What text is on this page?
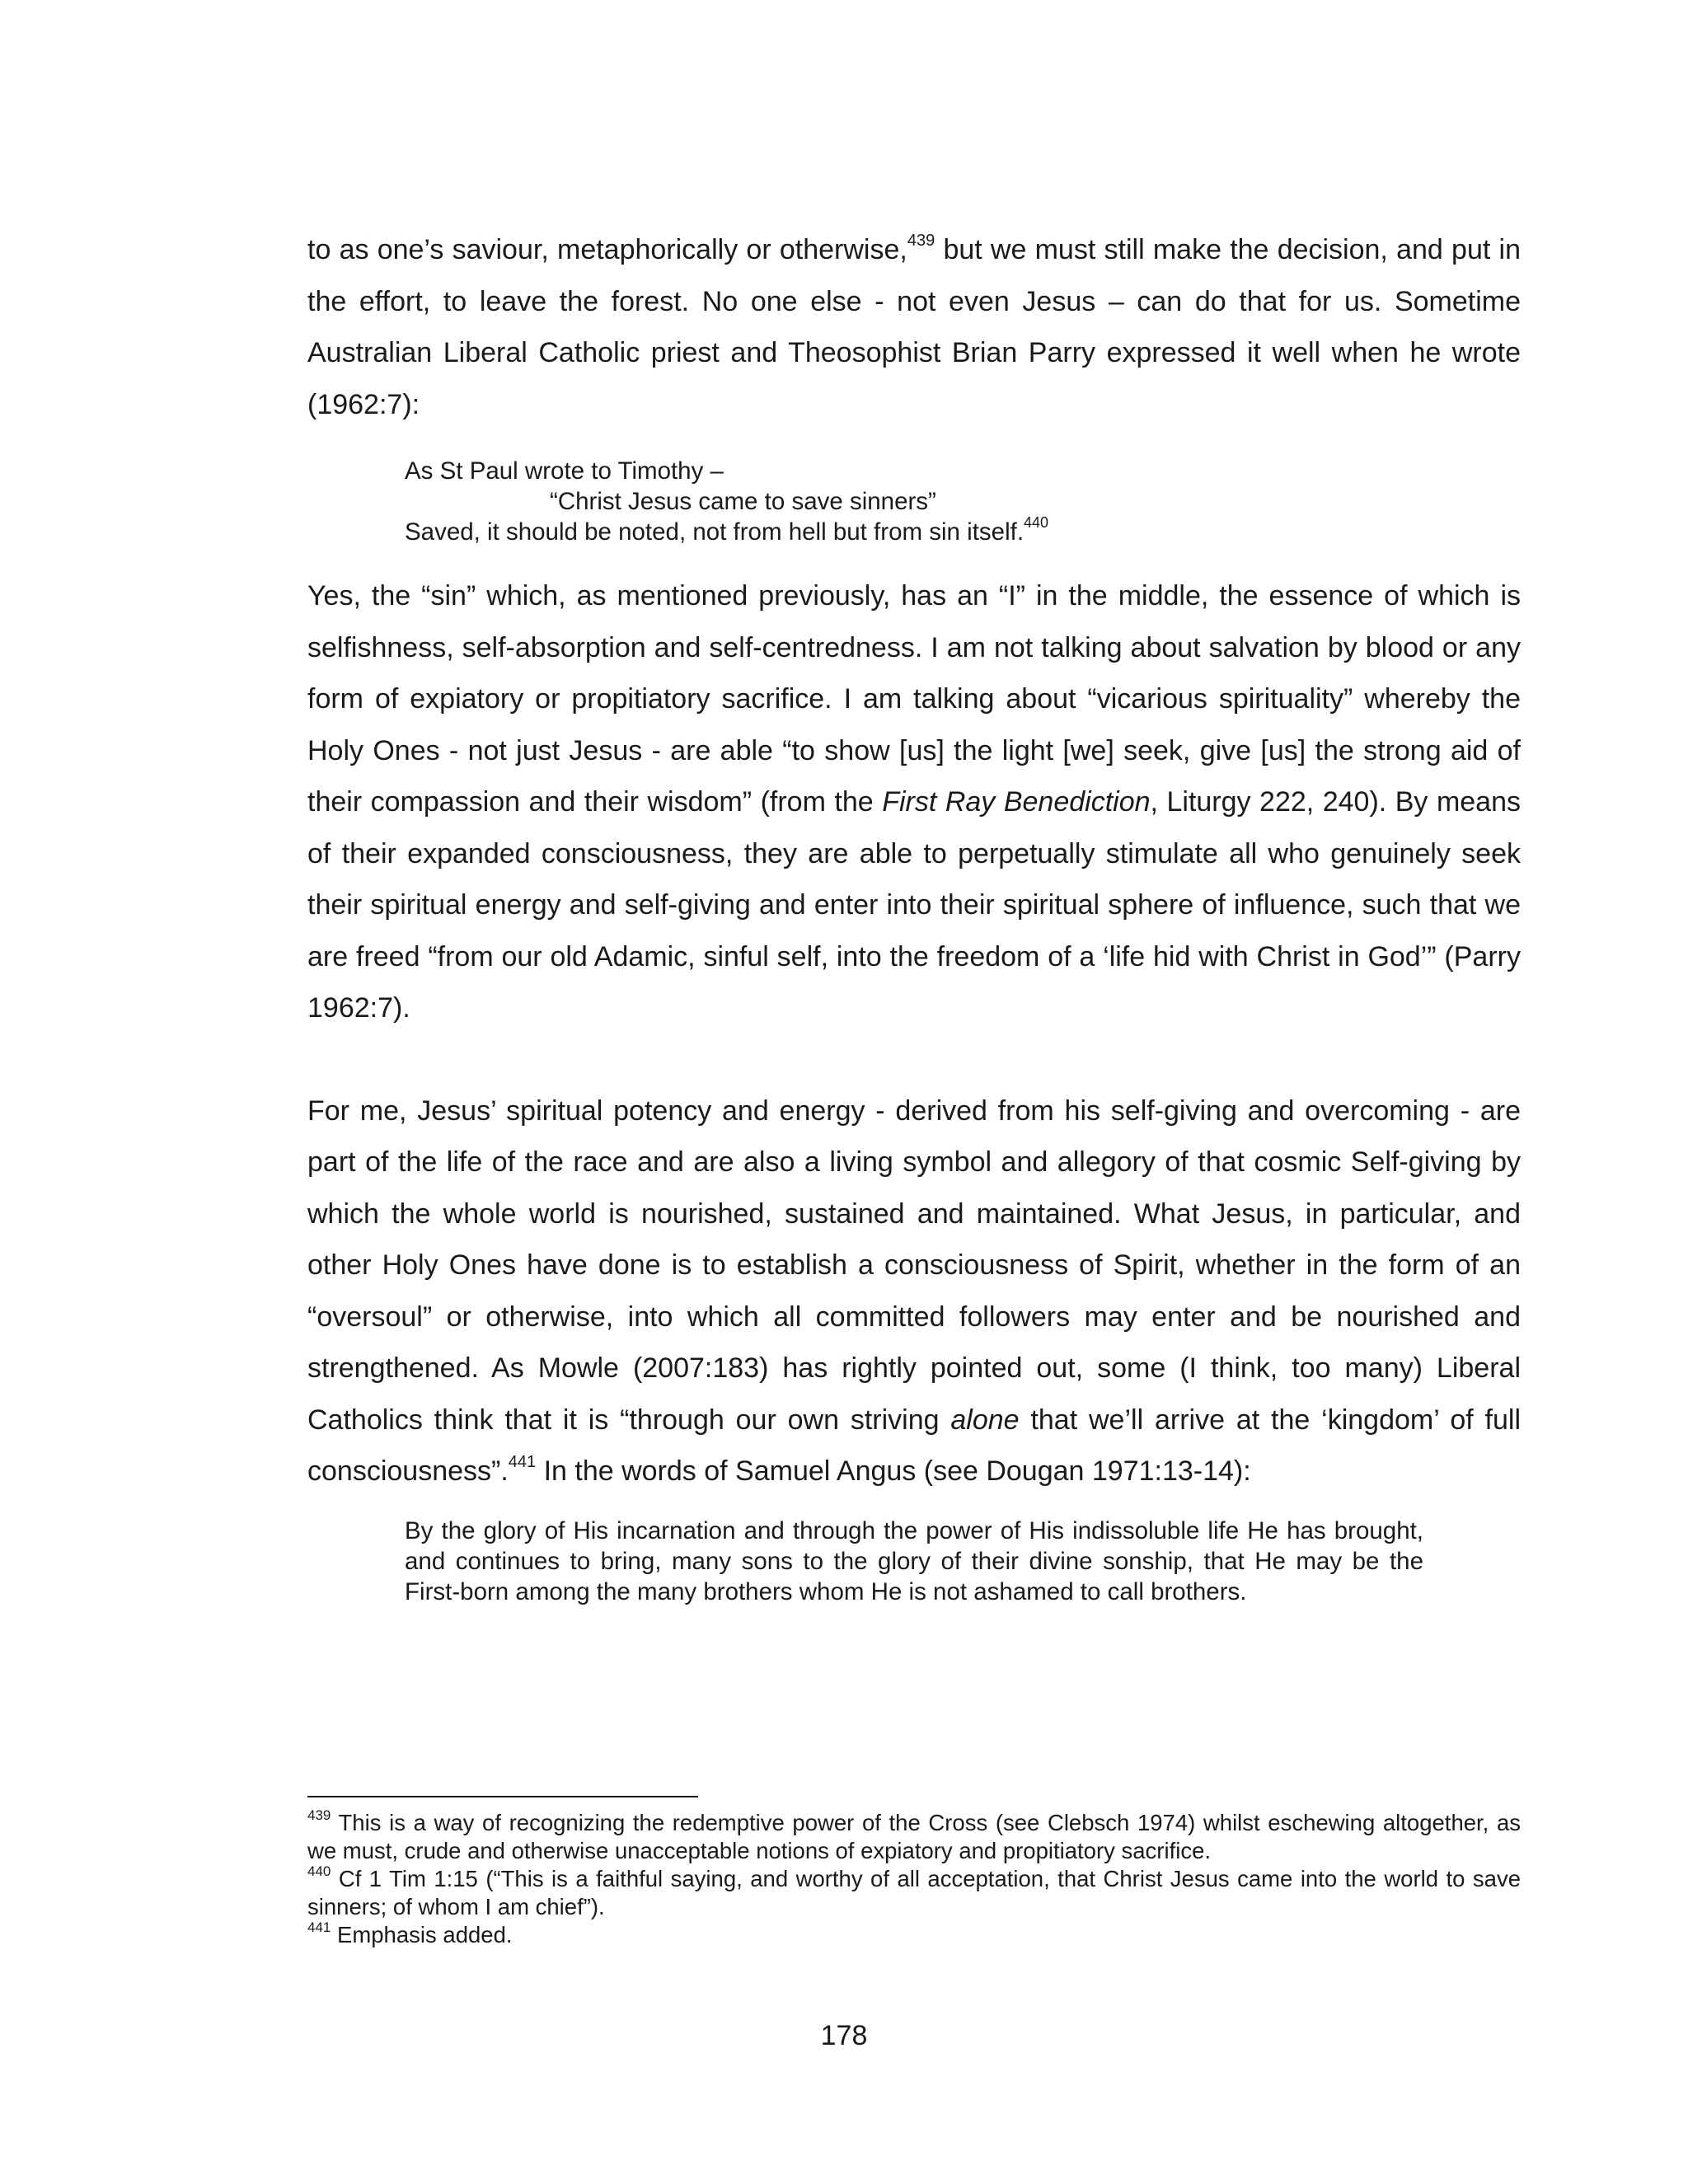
to as one’s saviour, metaphorically or otherwise,$^{439}$ but we must still make the decision, and put in the effort, to leave the forest. No one else - not even Jesus – can do that for us. Sometime Australian Liberal Catholic priest and Theosophist Brian Parry expressed it well when he wrote (1962:7):

As St Paul wrote to Timothy –
“Christ Jesus came to save sinners”
Saved, it should be noted, not from hell but from sin itself.$^{440}$

Yes, the “sin” which, as mentioned previously, has an “I” in the middle, the essence of which is selfishness, self-absorption and self-centredness. I am not talking about salvation by blood or any form of expiatory or propitiatory sacrifice. I am talking about “vicarious spirituality” whereby the Holy Ones - not just Jesus - are able “to show [us] the light [we] seek, give [us] the strong aid of their compassion and their wisdom” (from the First Ray Benediction, Liturgy 222, 240). By means of their expanded consciousness, they are able to perpetually stimulate all who genuinely seek their spiritual energy and self-giving and enter into their spiritual sphere of influence, such that we are freed “from our old Adamic, sinful self, into the freedom of a ‘life hid with Christ in God’” (Parry 1962:7).

For me, Jesus’ spiritual potency and energy - derived from his self-giving and overcoming - are part of the life of the race and are also a living symbol and allegory of that cosmic Self-giving by which the whole world is nourished, sustained and maintained. What Jesus, in particular, and other Holy Ones have done is to establish a consciousness of Spirit, whether in the form of an “oversoul” or otherwise, into which all committed followers may enter and be nourished and strengthened. As Mowle (2007:183) has rightly pointed out, some (I think, too many) Liberal Catholics think that it is “through our own striving alone that we’ll arrive at the ‘kingdom’ of full consciousness”.$^{441}$ In the words of Samuel Angus (see Dougan 1971:13-14):

By the glory of His incarnation and through the power of His indissoluble life He has brought, and continues to bring, many sons to the glory of their divine sonship, that He may be the First-born among the many brothers whom He is not ashamed to call brothers.

$^{439}$ This is a way of recognizing the redemptive power of the Cross (see Clebsch 1974) whilst eschewing altogether, as we must, crude and otherwise unacceptable notions of expiatory and propitiatory sacrifice.

$^{440}$ Cf 1 Tim 1:15 (“This is a faithful saying, and worthy of all acceptation, that Christ Jesus came into the world to save sinners; of whom I am chief”).

$^{441}$ Emphasis added.

178
